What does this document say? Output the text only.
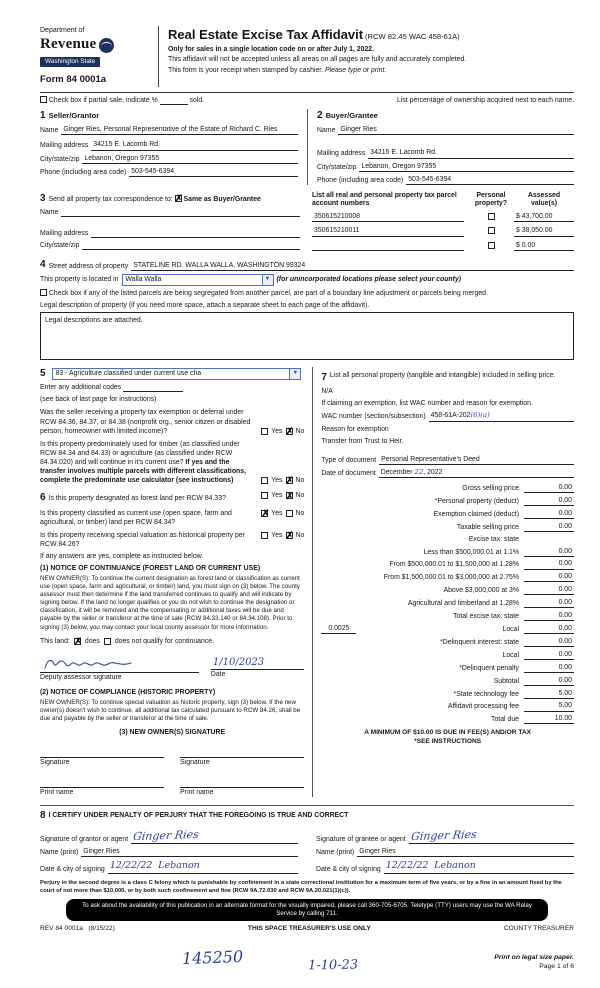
Department of
Revenue
Washington State
Form 84 0001a
Real Estate Excise Tax Affidavit (RCW 82.45 WAC 458-61A)
Only for sales in a single location code on or after July 1, 2022.
This affidavit will not be accepted unless all areas on all pages are fully and accurately completed.
This form is your receipt when stamped by cashier. Please type or print.
Check box if partial sale, indicate %	sold.	List percentage of ownership acquired next to each name.
1 Seller/Grantor
Name Ginger Ries, Personal Representative of the Estate of Richard C. Ries
Mailing address 34215 E. Lacomb Rd.
City/state/zip Lebanon, Oregon 97355
Phone (including area code) 503-545-6394
2 Buyer/Grantee
Name Ginger Ries
Mailing address 34215 E. Lacomb Rd.
City/state/zip Lebanon, Oregon 97355
Phone (including area code) 503-545-6394
3 Send all property tax correspondence to: ✗ Same as Buyer/Grantee
Name
Mailing address
City/state/zip
List all real and personal property tax parcel account numbers
Personal property?
Assessed value(s)
350615210008	$ 43,700.00
350615210011	$ 38,050.00
$ 0.00
4 Street address of property STATELINE RD. WALLA WALLA, WASHINGTON 99324
This property is located in	Walla Walla	▼ (for unincorporated locations please select your county)
Check box if any of the listed parcels are being segregated from another parcel, are part of a boundary line adjustment or parcels being merged.
Legal description of property (if you need more space, attach a separate sheet to each page of the affidavit).
Legal descriptions are attached.
5	83 - Agriculture classified under current use cha	▼
Enter any additional codes
(see back of last page for instructions)
Was the seller receiving a property tax exemption or deferral under RCW 84.36, 84.37, or 84.38 (nonprofit org., senior citizen or disabled person, homeowner with limited income)?	Yes ✗ No
Is this property predominately used for timber (as classified under RCW 84.34 and 84.33) or agriculture (as classified under RCW 84.34.020) and will continue in it's current use? If yes and the transfer involves multiple parcels with different classifications, complete the predominate use calculator (see instructions)	Yes ✗ No
6 Is this property designated as forest land per RCW 84.33?	Yes ✗ No
Is this property classified as current use (open space, farm and agricultural, or timber) land per RCW 84.34?
✗
Yes No
Is this property receiving special valuation as historical property per RCW 84.26?
Yes ✗ No
If any answers are yes, complete as instructed below.
(1) NOTICE OF CONTINUANCE (FOREST LAND OR CURRENT USE)
NEW OWNER(S): To continue the current designation as forest land or classification as current use (open space, farm and agricultural, or timber) land, you must sign on (3) below. The county assessor must then determine if the land transferred continues to qualify and will indicate by signing below. If the land no longer qualifies or you do not wish to continue the designation or classification, it will be removed and the compensating or additional taxes will be due and payable by the seller or transferor at the time of sale (RCW 84.33.140 or 84.34.108). Prior to signing (3) below, you may contact your local county assessor for more information.
This land: ✗ does does not qualify for continuance.
Deputy assessor signature
1/10/2023
Date
(2) NOTICE OF COMPLIANCE (HISTORIC PROPERTY)
NEW OWNER(S): To continue special valuation as historic property, sign (3) below. If the new owner(s) doesn't wish to continue, all additional tax calculated pursuant to RCW 84.26, shall be due and payable by the seller or transferor at the time of sale.
(3) NEW OWNER(S) SIGNATURE
Signature	Signature
Print name	Print name
7 List all personal property (tangible and intangible) included in selling price.
N/A
If claiming an exemption, list WAC number and reason for exemption.
WAC number (section/subsection) 458-61A-202(6)(a)
Reason for exemption
Transfer from Trust to Heir.
Type of document Personal Representative's Deed
Date of document December 22, 2022
Gross selling price	0.00
*Personal property (deduct)	0.00
Exemption claimed (deduct)	0.00
Taxable selling price	0.00
Excise tax: state
Less than $500,000.01 at 1.1%	0.00
From $500,000.01 to $1,500,000 at 1.28%	0.00
From $1,500,000.01 to $3,000,000 at 2.75%	0.00
Above $3,000,000 at 3%	0.00
Agricultural and timberland at 1.28%	0.00
Total excise tax: state	0.00
0.0025	Local	0.00
*Delinquent interest: state	0.00
Local	0.00
*Delinquent penalty	0.00
Subtotal	0.00
*State technology fee	5.00
Affidavit processing fee	5.00
Total due	10.00
A MINIMUM OF $10.00 IS DUE IN FEE(S) AND/OR TAX
*SEE INSTRUCTIONS
8 I CERTIFY UNDER PENALTY OF PERJURY THAT THE FOREGOING IS TRUE AND CORRECT
Signature of grantor or agent Ginger Ries
Name (print) Ginger Ries
Date & city of signing 12/22/22 Lebanon
Signature of grantee or agent Ginger Ries
Name (print) Ginger Ries
Date & city of signing 12/22/22 Lebanon
Perjury in the second degree is a class C felony which is punishable by confinement in a state correctional institution for a maximum term of five years, or by a fine in an amount fixed by the court of not more than $10,000, or by both such confinement and fine (RCW 9A.72.030 and RCW 9A.20.021(1)(c)).
To ask about the availability of this publication in an alternate format for the visually impaired, please call 360-705-6705. Teletype (TTY) users may use the WA Relay Service by calling 711.
REV 84 0001a (8/15/22)	THIS SPACE TREASURER'S USE ONLY	COUNTY TREASURER
Print on legal size paper.
Page 1 of 6
145250	1-10-23
